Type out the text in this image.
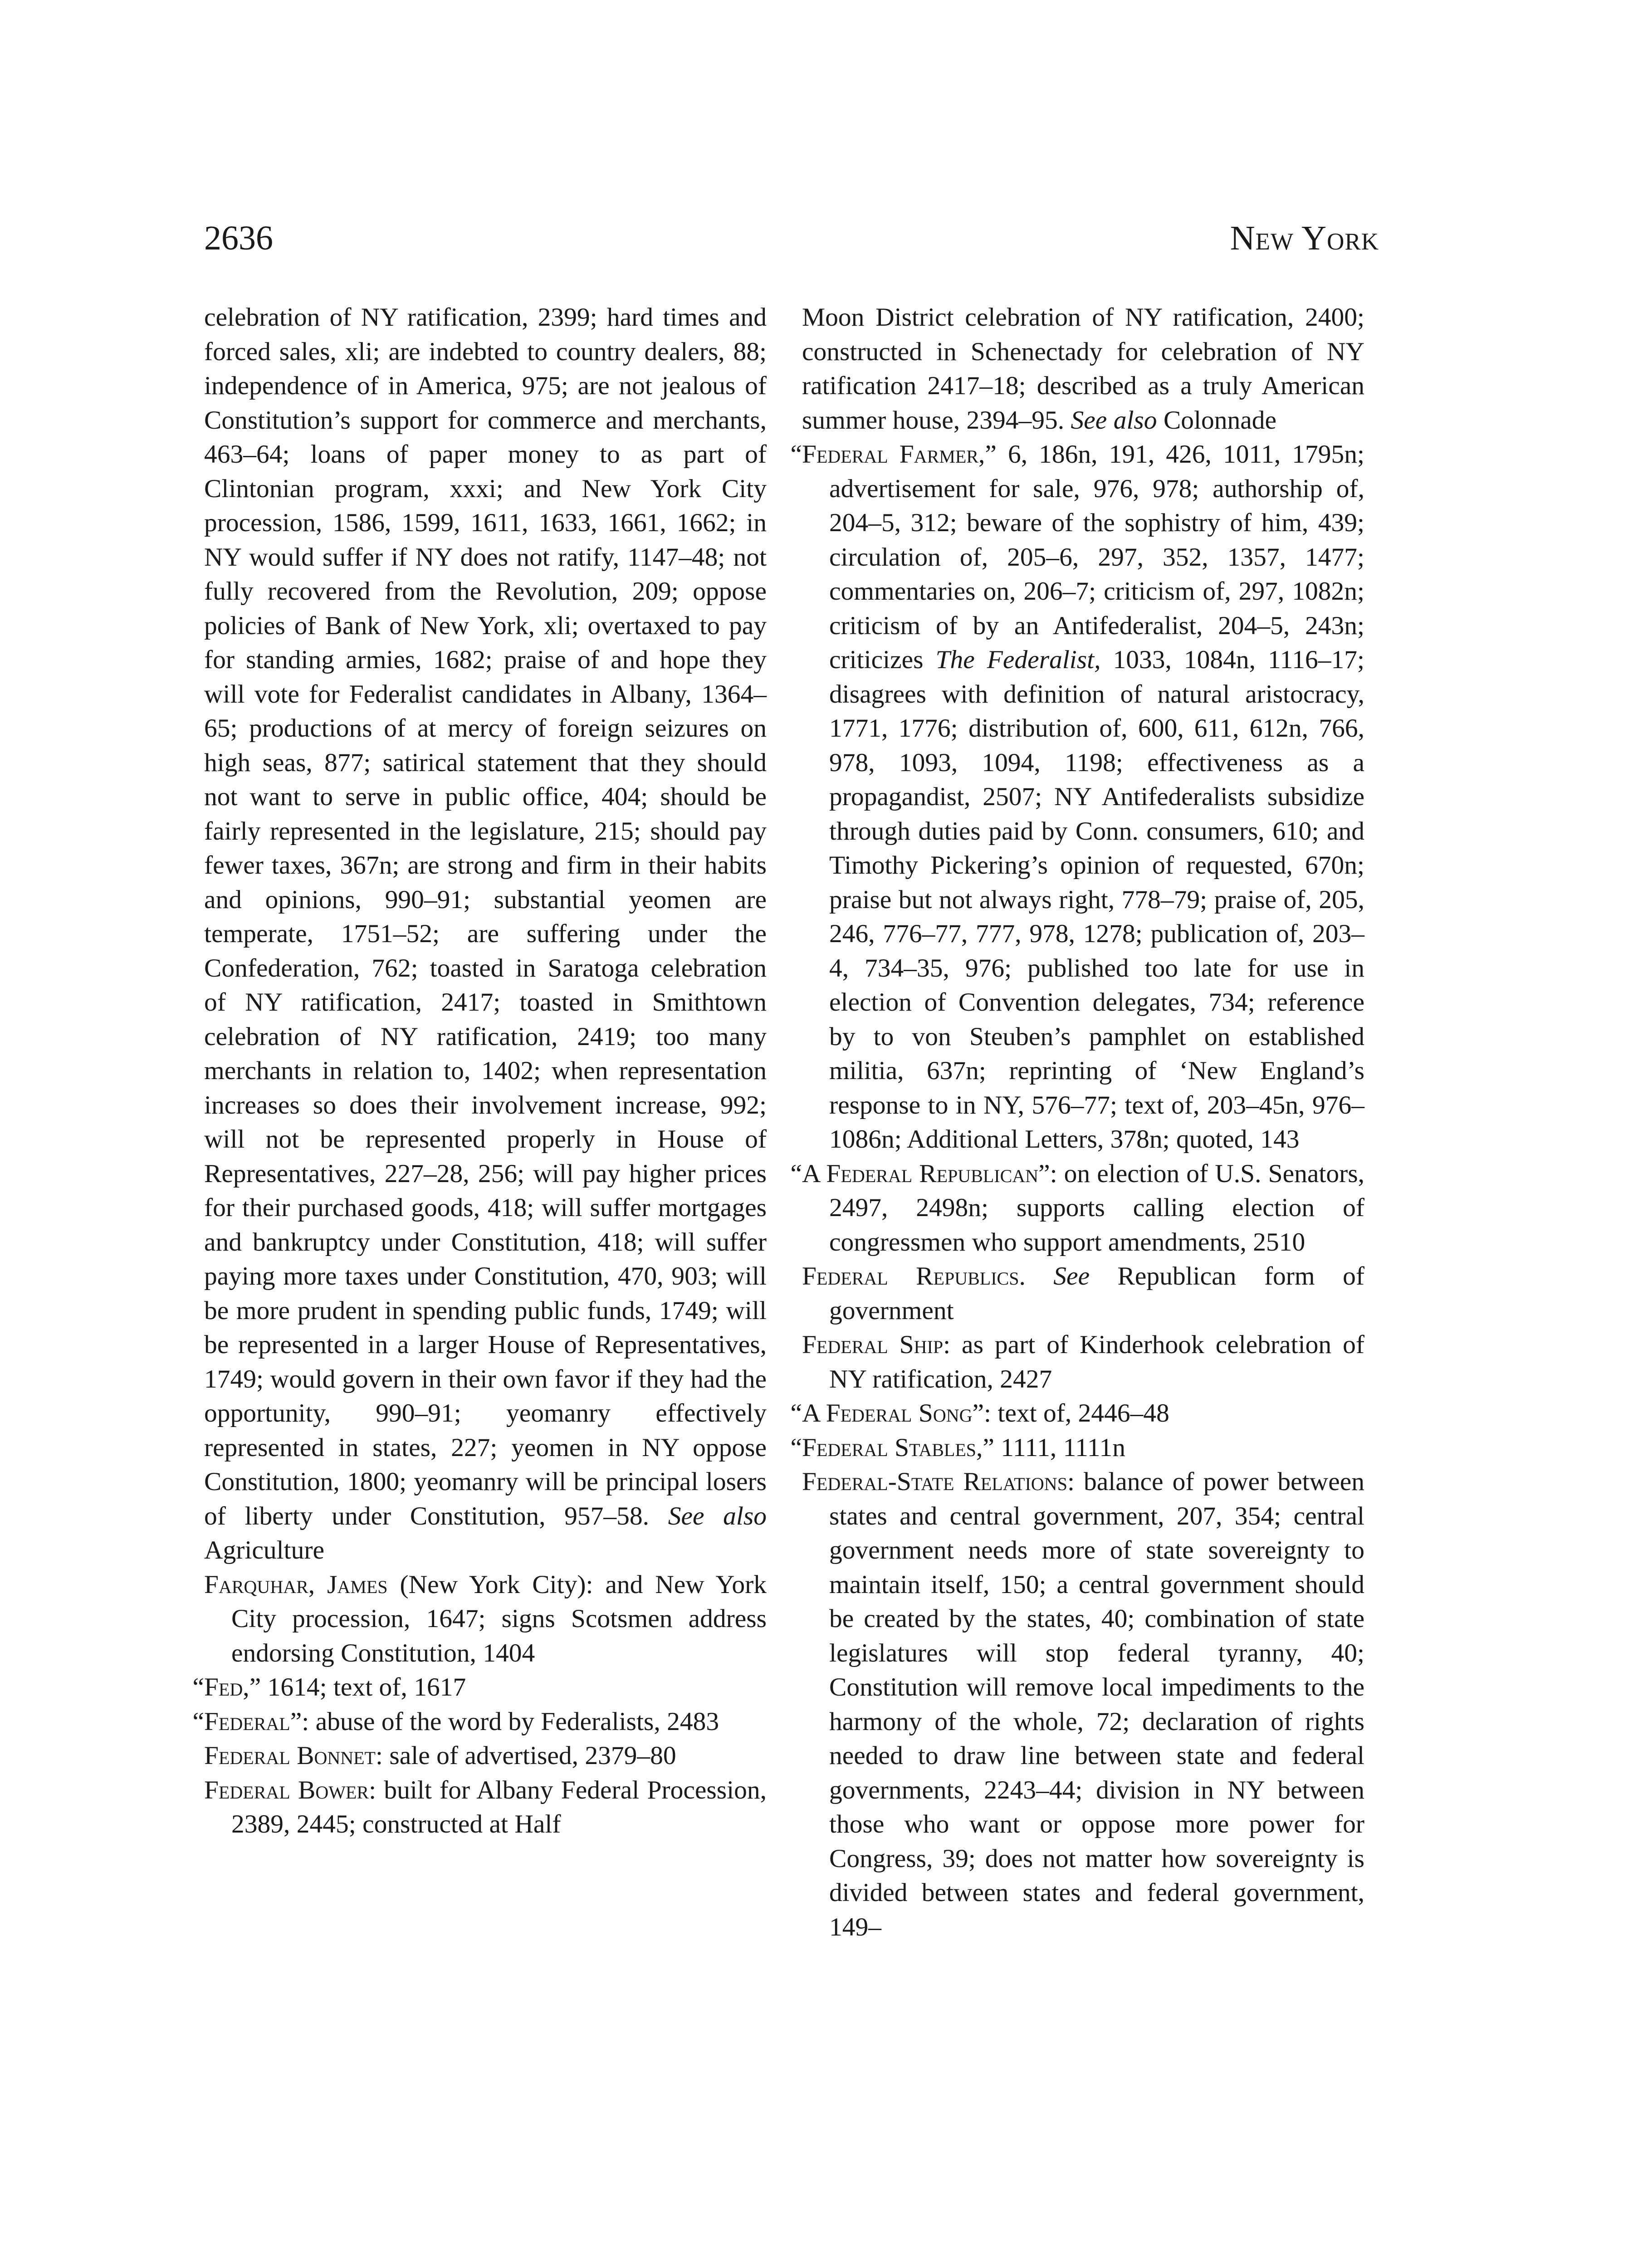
2636	New York

celebration of NY ratification, 2399; hard times and forced sales, xli; are indebted to country dealers, 88; independence of in America, 975; are not jealous of Constitution’s support for commerce and merchants, 463–64; loans of paper money to as part of Clintonian program, xxxi; and New York City procession, 1586, 1599, 1611, 1633, 1661, 1662; in NY would suffer if NY does not ratify, 1147–48; not fully recovered from the Revolution, 209; oppose policies of Bank of New York, xli; overtaxed to pay for standing armies, 1682; praise of and hope they will vote for Federalist candidates in Albany, 1364–65; productions of at mercy of foreign seizures on high seas, 877; satirical statement that they should not want to serve in public office, 404; should be fairly represented in the legislature, 215; should pay fewer taxes, 367n; are strong and firm in their habits and opinions, 990–91; substantial yeomen are temperate, 1751–52; are suffering under the Confederation, 762; toasted in Saratoga celebration of NY ratification, 2417; toasted in Smithtown celebration of NY ratification, 2419; too many merchants in relation to, 1402; when representation increases so does their involvement increase, 992; will not be represented properly in House of Representatives, 227–28, 256; will pay higher prices for their purchased goods, 418; will suffer mortgages and bankruptcy under Constitution, 418; will suffer paying more taxes under Constitution, 470, 903; will be more prudent in spending public funds, 1749; will be represented in a larger House of Representatives, 1749; would govern in their own favor if they had the opportunity, 990–91; yeomanry effectively represented in states, 227; yeomen in NY oppose Constitution, 1800; yeomanry will be principal losers of liberty under Constitution, 957–58. See also Agriculture

Farquhar, James (New York City): and New York City procession, 1647; signs Scotsmen address endorsing Constitution, 1404

“Fed,” 1614; text of, 1617

“Federal”: abuse of the word by Federalists, 2483

Federal Bonnet: sale of advertised, 2379–80

Federal Bower: built for Albany Federal Procession, 2389, 2445; constructed at Half

Moon District celebration of NY ratification, 2400; constructed in Schenectady for celebration of NY ratification 2417–18; described as a truly American summer house, 2394–95. See also Colonnade

“Federal Farmer,” 6, 186n, 191, 426, 1011, 1795n; advertisement for sale, 976, 978; authorship of, 204–5, 312; beware of the sophistry of him, 439; circulation of, 205–6, 297, 352, 1357, 1477; commentaries on, 206–7; criticism of, 297, 1082n; criticism of by an Antifederalist, 204–5, 243n; criticizes The Federalist, 1033, 1084n, 1116–17; disagrees with definition of natural aristocracy, 1771, 1776; distribution of, 600, 611, 612n, 766, 978, 1093, 1094, 1198; effectiveness as a propagandist, 2507; NY Antifederalists subsidize through duties paid by Conn. consumers, 610; and Timothy Pickering’s opinion of requested, 670n; praise but not always right, 778–79; praise of, 205, 246, 776–77, 777, 978, 1278; publication of, 203–4, 734–35, 976; published too late for use in election of Convention delegates, 734; reference by to von Steuben’s pamphlet on established militia, 637n; reprinting of ‘New England’s response to in NY, 576–77; text of, 203–45n, 976–1086n; Additional Letters, 378n; quoted, 143

“A Federal Republican”: on election of U.S. Senators, 2497, 2498n; supports calling election of congressmen who support amendments, 2510

Federal Republics. See Republican form of government

Federal Ship: as part of Kinderhook celebration of NY ratification, 2427

“A Federal Song”: text of, 2446–48

“Federal Stables,” 1111, 1111n

Federal-State Relations: balance of power between states and central government, 207, 354; central government needs more of state sovereignty to maintain itself, 150; a central government should be created by the states, 40; combination of state legislatures will stop federal tyranny, 40; Constitution will remove local impediments to the harmony of the whole, 72; declaration of rights needed to draw line between state and federal governments, 2243–44; division in NY between those who want or oppose more power for Congress, 39; does not matter how sovereignty is divided between states and federal government, 149–
